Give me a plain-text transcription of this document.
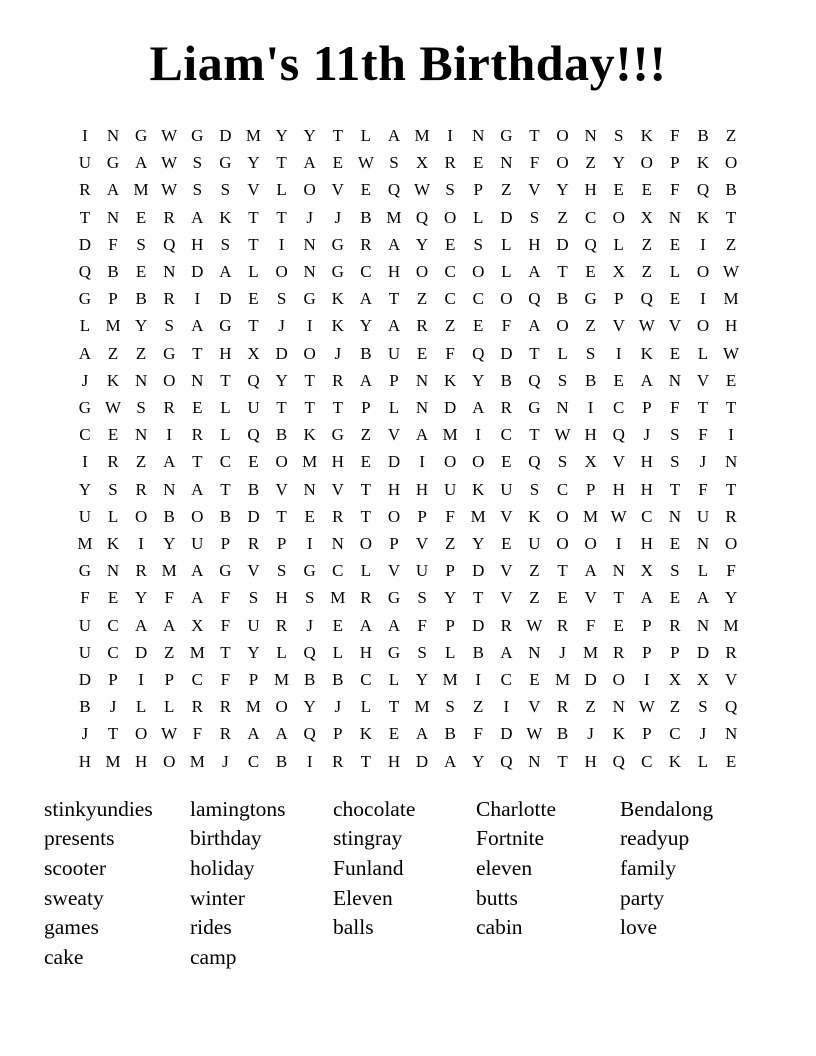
Liam's 11th Birthday!!!
I	N	G	W	G	D	M	Y	Y	T	L	A	M	I	N	G	T	O	N	S	K	F	B	Z
U	G	A	W	S	G	Y	T	A	E	W	S	X	R	E	N	F	O	Z	Y	O	P	K	O
R	A	M	W	S	S	V	L	O	V	E	Q	W	S	P	Z	V	Y	H	E	E	F	Q	B
T	N	E	R	A	K	T	T	J	J	B	M	Q	O	L	D	S	Z	C	O	X	N	K	T
D	F	S	Q	H	S	T	I	N	G	R	A	Y	E	S	L	H	D	Q	L	Z	E	I	Z
Q	B	E	N	D	A	L	O	N	G	C	H	O	C	O	L	A	T	E	X	Z	L	O	W
G	P	B	R	I	D	E	S	G	K	A	T	Z	C	C	O	Q	B	G	P	Q	E	I	M
L	M	Y	S	A	G	T	J	I	K	Y	A	R	Z	E	F	A	O	Z	V	W	V	O	H
A	Z	Z	G	T	H	X	D	O	J	B	U	E	F	Q	D	T	L	S	I	K	E	L	W
J	K	N	O	N	T	Q	Y	T	R	A	P	N	K	Y	B	Q	S	B	E	A	N	V	E
G	W	S	R	E	L	U	T	T	T	P	L	N	D	A	R	G	N	I	C	P	F	T	T
C	E	N	I	R	L	Q	B	K	G	Z	V	A	M	I	C	T	W	H	Q	J	S	F	I
I	R	Z	A	T	C	E	O	M	H	E	D	I	O	O	E	Q	S	X	V	H	S	J	N
Y	S	R	N	A	T	B	V	N	V	T	H	H	U	K	U	S	C	P	H	H	T	F	T
U	L	O	B	O	B	D	T	E	R	T	O	P	F	M	V	K	O	M	W	C	N	U	R
M	K	I	Y	U	P	R	P	I	N	O	P	V	Z	Y	E	U	O	O	I	H	E	N	O
G	N	R	M	A	G	V	S	G	C	L	V	U	P	D	V	Z	T	A	N	X	S	L	F
F	E	Y	F	A	F	S	H	S	M	R	G	S	Y	T	V	Z	E	V	T	A	E	A	Y
U	C	A	A	X	F	U	R	J	E	A	A	F	P	D	R	W	R	F	E	P	R	N	M
U	C	D	Z	M	T	Y	L	Q	L	H	G	S	L	B	A	N	J	M	R	P	P	D	R
D	P	I	P	C	F	P	M	B	B	C	L	Y	M	I	C	E	M	D	O	I	X	X	V
B	J	L	L	R	R	M	O	Y	J	L	T	M	S	Z	I	V	R	Z	N	W	Z	S	Q
J	T	O	W	F	R	A	A	Q	P	K	E	A	B	F	D	W	B	J	K	P	C	J	N
H	M	H	O	M	J	C	B	I	R	T	H	D	A	Y	Q	N	T	H	Q	C	K	L	E
stinkyundies
presents
scooter
sweaty
games
cake
lamingtons
birthday
holiday
winter
rides
camp
chocolate
stingray
Funland
Eleven
balls
Charlotte
Fortnite
eleven
butts
cabin
Bendalong
readyup
family
party
love
